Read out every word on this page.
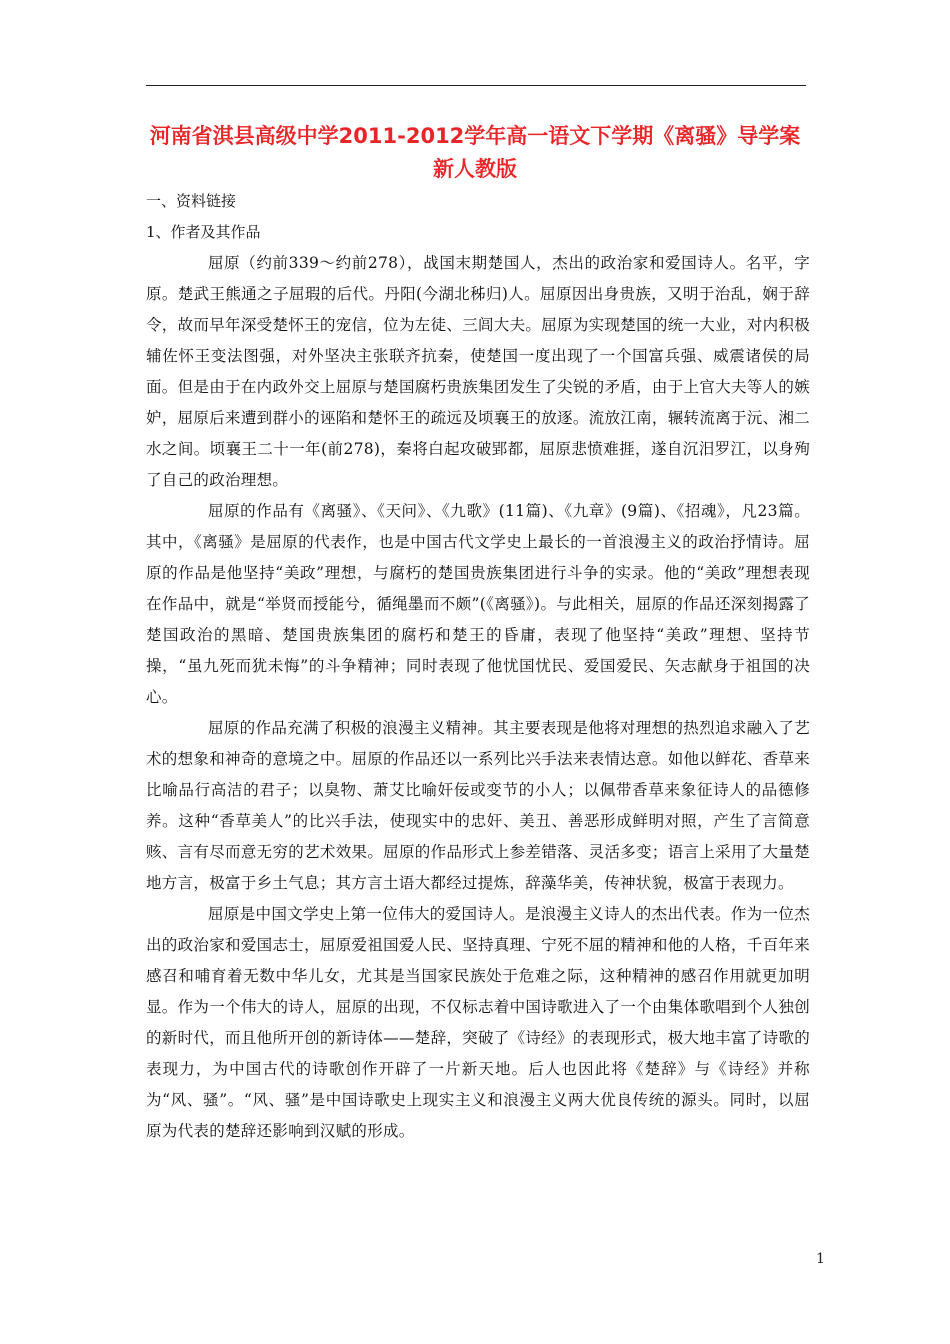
河南省淇县高级中学2011-2012学年高一语文下学期《离骚》导学案
新人教版

一、资料链接

1、作者及其作品

屈原（约前339～约前278），战国末期楚国人，杰出的政治家和爱国诗人。名平，字原。楚武王熊通之子屈瑕的后代。丹阳(今湖北秭归)人。屈原因出身贵族，又明于治乱，娴于辞令，故而早年深受楚怀王的宠信，位为左徒、三闾大夫。屈原为实现楚国的统一大业，对内积极辅佐怀王变法图强，对外坚决主张联齐抗秦，使楚国一度出现了一个国富兵强、威震诸侯的局面。但是由于在内政外交上屈原与楚国腐朽贵族集团发生了尖锐的矛盾，由于上官大夫等人的嫉妒，屈原后来遭到群小的诬陷和楚怀王的疏远及顷襄王的放逐。流放江南，辗转流离于沅、湘二水之间。顷襄王二十一年(前278)，秦将白起攻破郢都，屈原悲愤难捱，遂自沉汨罗江，以身殉了自己的政治理想。

屈原的作品有《离骚》、《天问》、《九歌》(11篇)、《九章》(9篇)、《招魂》，凡23篇。其中，《离骚》是屈原的代表作，也是中国古代文学史上最长的一首浪漫主义的政治抒情诗。屈原的作品是他坚持“美政”理想，与腐朽的楚国贵族集团进行斗争的实录。他的“美政”理想表现在作品中，就是“举贤而授能兮，循绳墨而不颇”(《离骚》)。与此相关，屈原的作品还深刻揭露了楚国政治的黑暗、楚国贵族集团的腐朽和楚王的昏庸，表现了他坚持“美政”理想、坚持节操，“虽九死而犹未悔”的斗争精神；同时表现了他忧国忧民、爱国爱民、矢志献身于祖国的决心。

屈原的作品充满了积极的浪漫主义精神。其主要表现是他将对理想的热烈追求融入了艺术的想象和神奇的意境之中。屈原的作品还以一系列比兴手法来表情达意。如他以鲜花、香草来比喻品行高洁的君子；以臭物、萧艾比喻奸佞或变节的小人；以佩带香草来象征诗人的品德修养。这种“香草美人”的比兴手法，使现实中的忠奸、美丑、善恶形成鲜明对照，产生了言简意赅、言有尽而意无穷的艺术效果。屈原的作品形式上参差错落、灵活多变；语言上采用了大量楚地方言，极富于乡土气息；其方言土语大都经过提炼，辞藻华美，传神状貌，极富于表现力。

屈原是中国文学史上第一位伟大的爱国诗人。是浪漫主义诗人的杰出代表。作为一位杰出的政治家和爱国志士，屈原爱祖国爱人民、坚持真理、宁死不屈的精神和他的人格，千百年来感召和哺育着无数中华儿女，尤其是当国家民族处于危难之际，这种精神的感召作用就更加明显。作为一个伟大的诗人，屈原的出现，不仅标志着中国诗歌进入了一个由集体歌唱到个人独创的新时代，而且他所开创的新诗体——楚辞，突破了《诗经》的表现形式，极大地丰富了诗歌的表现力，为中国古代的诗歌创作开辟了一片新天地。后人也因此将《楚辞》与《诗经》并称为“风、骚”。“风、骚”是中国诗歌史上现实主义和浪漫主义两大优良传统的源头。同时，以屈原为代表的楚辞还影响到汉赋的形成。

1
